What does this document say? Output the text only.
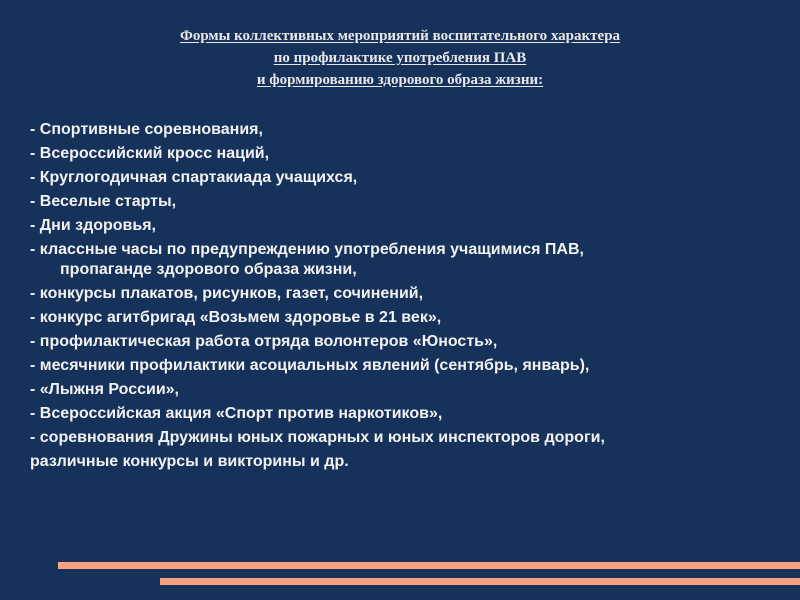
Формы коллективных мероприятий воспитательного характера
по профилактике употребления ПАВ
и формированию здорового образа жизни:
- Спортивные соревнования,
- Всероссийский кросс наций,
- Круглогодичная спартакиада учащихся,
- Веселые старты,
- Дни здоровья,
- классные часы по предупреждению употребления учащимися ПАВ,
пропаганде здорового образа жизни,
- конкурсы плакатов, рисунков, газет, сочинений,
- конкурс агитбригад «Возьмем здоровье в 21 век»,
- профилактическая работа отряда волонтеров «Юность»,
- месячники профилактики асоциальных явлений (сентябрь, январь),
- «Лыжня России»,
- Всероссийская акция «Спорт против наркотиков»,
- соревнования Дружины юных пожарных и юных инспекторов дороги,
различные конкурсы и викторины и др.
